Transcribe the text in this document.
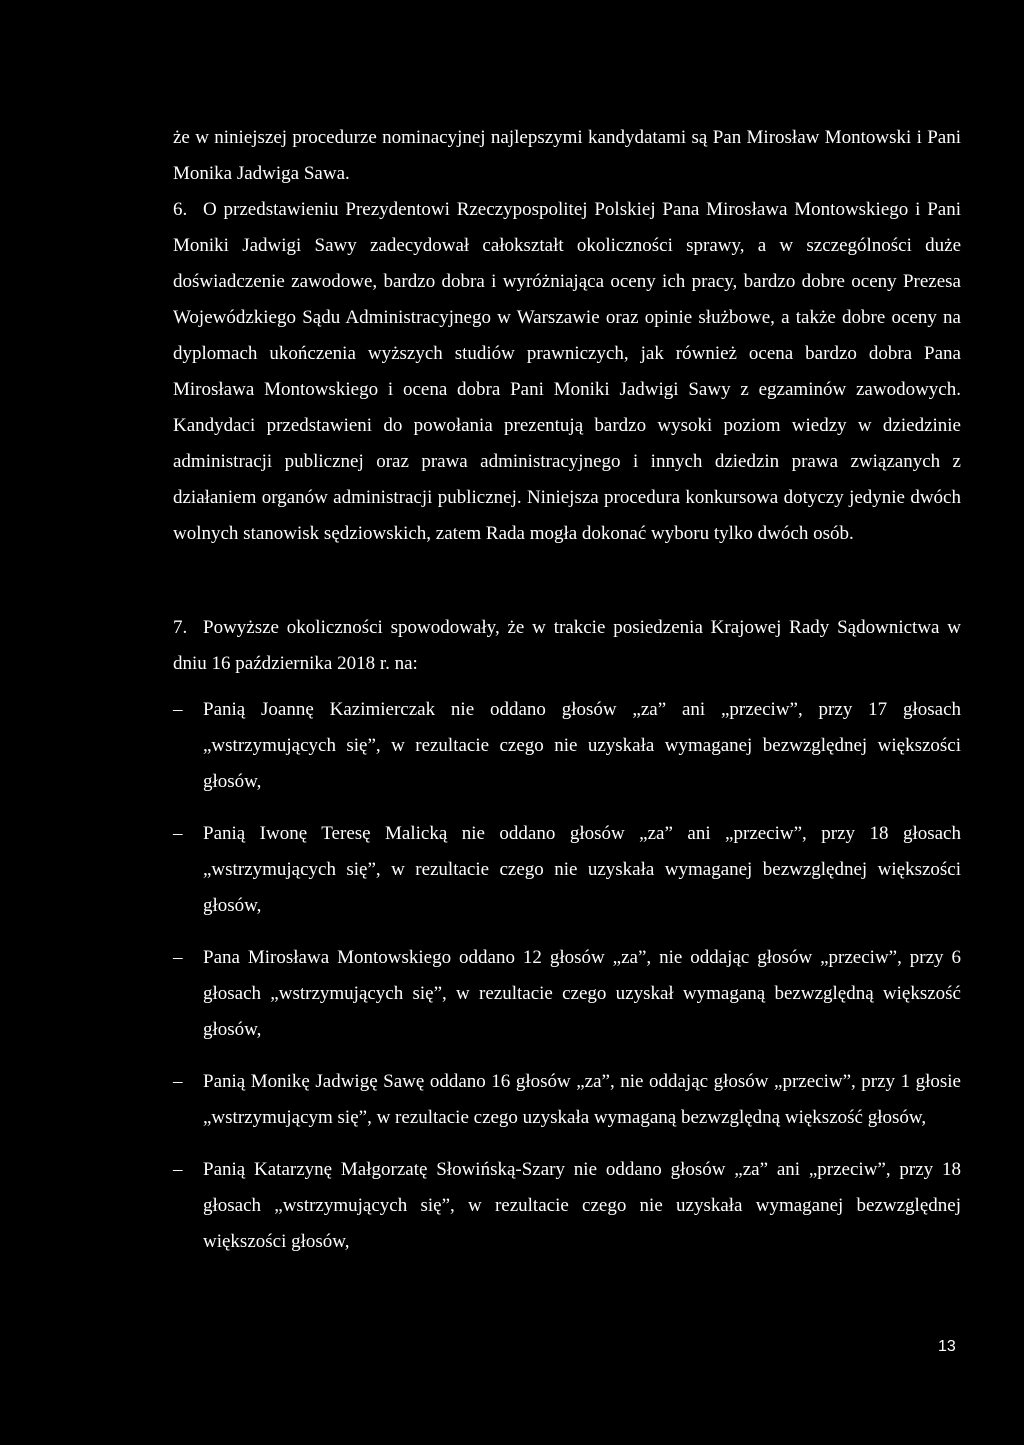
że w niniejszej procedurze nominacyjnej najlepszymi kandydatami są Pan Mirosław Montowski i Pani Monika Jadwiga Sawa.

6. O przedstawieniu Prezydentowi Rzeczypospolitej Polskiej Pana Mirosława Montowskiego i Pani Moniki Jadwigi Sawy zadecydował całokształt okoliczności sprawy, a w szczególności duże doświadczenie zawodowe, bardzo dobra i wyróżniająca oceny ich pracy, bardzo dobre oceny Prezesa Wojewódzkiego Sądu Administracyjnego w Warszawie oraz opinie służbowe, a także dobre oceny na dyplomach ukończenia wyższych studiów prawniczych, jak również ocena bardzo dobra Pana Mirosława Montowskiego i ocena dobra Pani Moniki Jadwigi Sawy z egzaminów zawodowych. Kandydaci przedstawieni do powołania prezentują bardzo wysoki poziom wiedzy w dziedzinie administracji publicznej oraz prawa administracyjnego i innych dziedzin prawa związanych z działaniem organów administracji publicznej. Niniejsza procedura konkursowa dotyczy jedynie dwóch wolnych stanowisk sędziowskich, zatem Rada mogła dokonać wyboru tylko dwóch osób.

7. Powyższe okoliczności spowodowały, że w trakcie posiedzenia Krajowej Rady Sądownictwa w dniu 16 października 2018 r. na:

– Panią Joannę Kazimierczak nie oddano głosów „za” ani „przeciw”, przy 17 głosach „wstrzymujących się”, w rezultacie czego nie uzyskała wymaganej bezwzględnej większości głosów,
– Panią Iwonę Teresę Malicką nie oddano głosów „za” ani „przeciw”, przy 18 głosach „wstrzymujących się”, w rezultacie czego nie uzyskała wymaganej bezwzględnej większości głosów,
– Pana Mirosława Montowskiego oddano 12 głosów „za”, nie oddając głosów „przeciw”, przy 6 głosach „wstrzymujących się”, w rezultacie czego uzyskał wymaganą bezwzględną większość głosów,
– Panią Monikę Jadwigę Sawę oddano 16 głosów „za”, nie oddając głosów „przeciw”, przy 1 głosie „wstrzymującym się”, w rezultacie czego uzyskała wymaganą bezwzględną większość głosów,
– Panią Katarzynę Małgorzatę Słowińską-Szary nie oddano głosów „za” ani „przeciw”, przy 18 głosach „wstrzymujących się”, w rezultacie czego nie uzyskała wymaganej bezwzględnej większości głosów,
13
